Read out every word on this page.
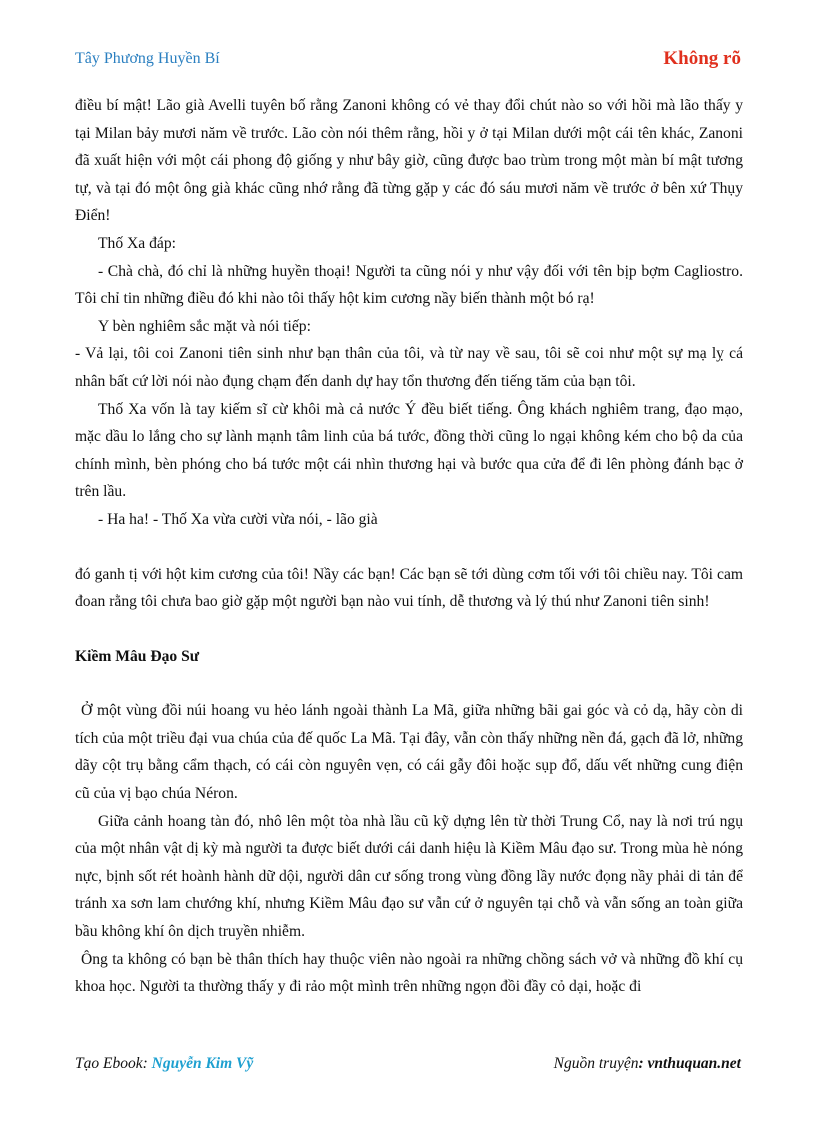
Tây Phương Huyền Bí	Không rõ

điều bí mật! Lão già Avelli tuyên bố rằng Zanoni không có vẻ thay đổi chút nào so với hồi mà lão thấy y tại Milan bảy mươi năm về trước. Lão còn nói thêm rằng, hồi y ở tại Milan dưới một cái tên khác, Zanoni đã xuất hiện với một cái phong độ giống y như bây giờ, cũng được bao trùm trong một màn bí mật tương tự, và tại đó một ông già khác cũng nhớ rằng đã từng gặp y các đó sáu mươi năm về trước ở bên xứ Thụy Điển!

Thố Xa đáp:

- Chà chà, đó chỉ là những huyền thoại! Người ta cũng nói y như vậy đối với tên bịp bợm Cagliostro. Tôi chỉ tin những điều đó khi nào tôi thấy hột kim cương nầy biến thành một bó rạ!

Y bèn nghiêm sắc mặt và nói tiếp:

- Vả lại, tôi coi Zanoni tiên sinh như bạn thân của tôi, và từ nay về sau, tôi sẽ coi như một sự mạ lỵ cá nhân bất cứ lời nói nào đụng chạm đến danh dự hay tổn thương đến tiếng tăm của bạn tôi.

Thố Xa vốn là tay kiếm sĩ cừ khôi mà cả nước Ý đều biết tiếng. Ông khách nghiêm trang, đạo mạo, mặc dầu lo lắng cho sự lành mạnh tâm linh của bá tước, đồng thời cũng lo ngại không kém cho bộ da của chính mình, bèn phóng cho bá tước một cái nhìn thương hại và bước qua cửa để đi lên phòng đánh bạc ở trên lầu.

- Ha ha! - Thố Xa vừa cười vừa nói, - lão già

đó ganh tị với hột kim cương của tôi! Nầy các bạn! Các bạn sẽ tới dùng cơm tối với tôi chiều nay. Tôi cam đoan rằng tôi chưa bao giờ gặp một người bạn nào vui tính, dễ thương và lý thú như Zanoni tiên sinh!

Kiềm Mâu Đạo Sư

Ở một vùng đồi núi hoang vu hẻo lánh ngoài thành La Mã, giữa những bãi gai góc và cỏ dạ, hãy còn di tích của một triều đại vua chúa của đế quốc La Mã. Tại đây, vẫn còn thấy những nền đá, gạch đã lở, những dãy cột trụ bằng cẩm thạch, có cái còn nguyên vẹn, có cái gẫy đôi hoặc sụp đổ, dấu vết những cung điện cũ của vị bạo chúa Néron.

Giữa cảnh hoang tàn đó, nhô lên một tòa nhà lầu cũ kỹ dựng lên từ thời Trung Cổ, nay là nơi trú ngụ của một nhân vật dị kỳ mà người ta được biết dưới cái danh hiệu là Kiềm Mâu đạo sư. Trong mùa hè nóng nực, bịnh sốt rét hoành hành dữ dội, người dân cư sống trong vùng đồng lầy nước đọng nầy phải di tản để tránh xa sơn lam chướng khí, nhưng Kiềm Mâu đạo sư vẫn cứ ở nguyên tại chỗ và vẫn sống an toàn giữa bầu không khí ôn dịch truyền nhiễm.

Ông ta không có bạn bè thân thích hay thuộc viên nào ngoài ra những chồng sách vở và những đồ khí cụ khoa học. Người ta thường thấy y đi rảo một mình trên những ngọn đồi đầy cỏ dại, hoặc đi

Tạo Ebook: Nguyễn Kim Vỹ	Nguồn truyện: vnthuquan.net
